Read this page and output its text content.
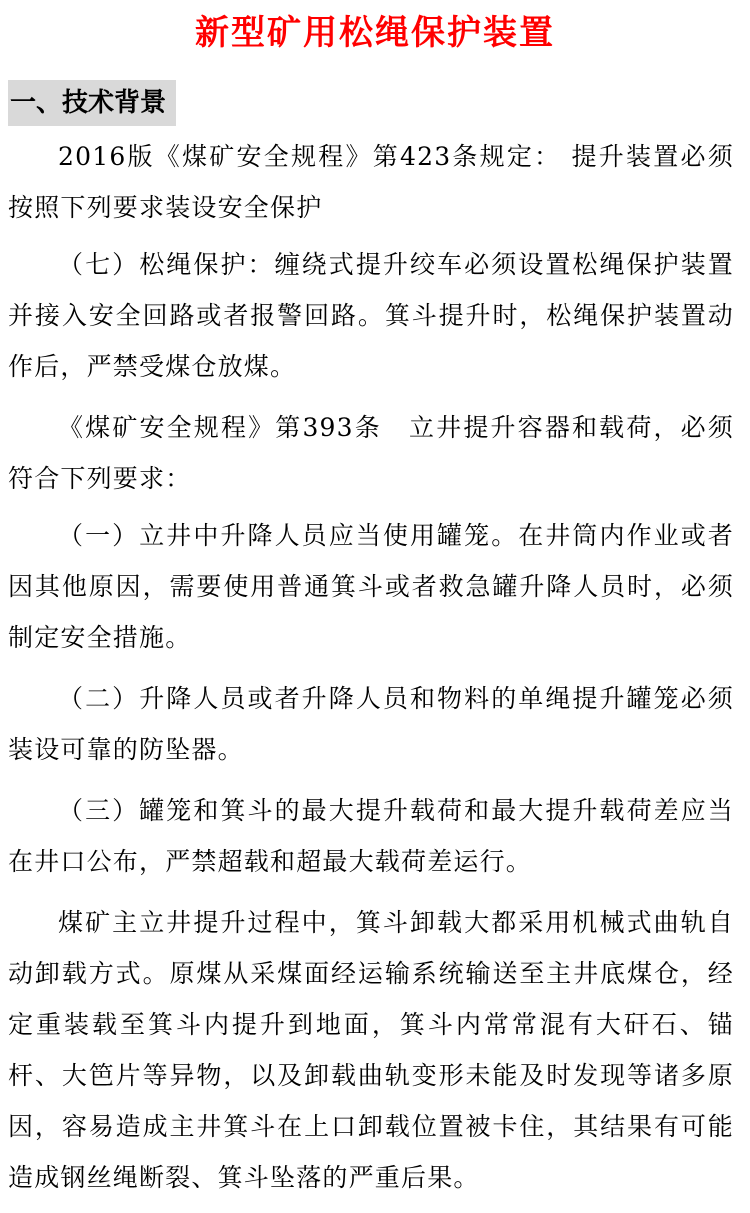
新型矿用松绳保护装置
一、技术背景

2016版《煤矿安全规程》第423条规定： 提升装置必须按照下列要求装设安全保护

（七）松绳保护：缠绕式提升绞车必须设置松绳保护装置并接入安全回路或者报警回路。箕斗提升时，松绳保护装置动作后，严禁受煤仓放煤。

《煤矿安全规程》第393条　立井提升容器和载荷，必须符合下列要求：

（一）立井中升降人员应当使用罐笼。在井筒内作业或者因其他原因，需要使用普通箕斗或者救急罐升降人员时，必须制定安全措施。

（二）升降人员或者升降人员和物料的单绳提升罐笼必须装设可靠的防坠器。

（三）罐笼和箕斗的最大提升载荷和最大提升载荷差应当在井口公布，严禁超载和超最大载荷差运行。

煤矿主立井提升过程中，箕斗卸载大都采用机械式曲轨自动卸载方式。原煤从采煤面经运输系统输送至主井底煤仓，经定重装载至箕斗内提升到地面，箕斗内常常混有大矸石、锚杆、大笆片等异物，以及卸载曲轨变形未能及时发现等诸多原因，容易造成主井箕斗在上口卸载位置被卡住，其结果有可能造成钢丝绳断裂、箕斗坠落的严重后果。
